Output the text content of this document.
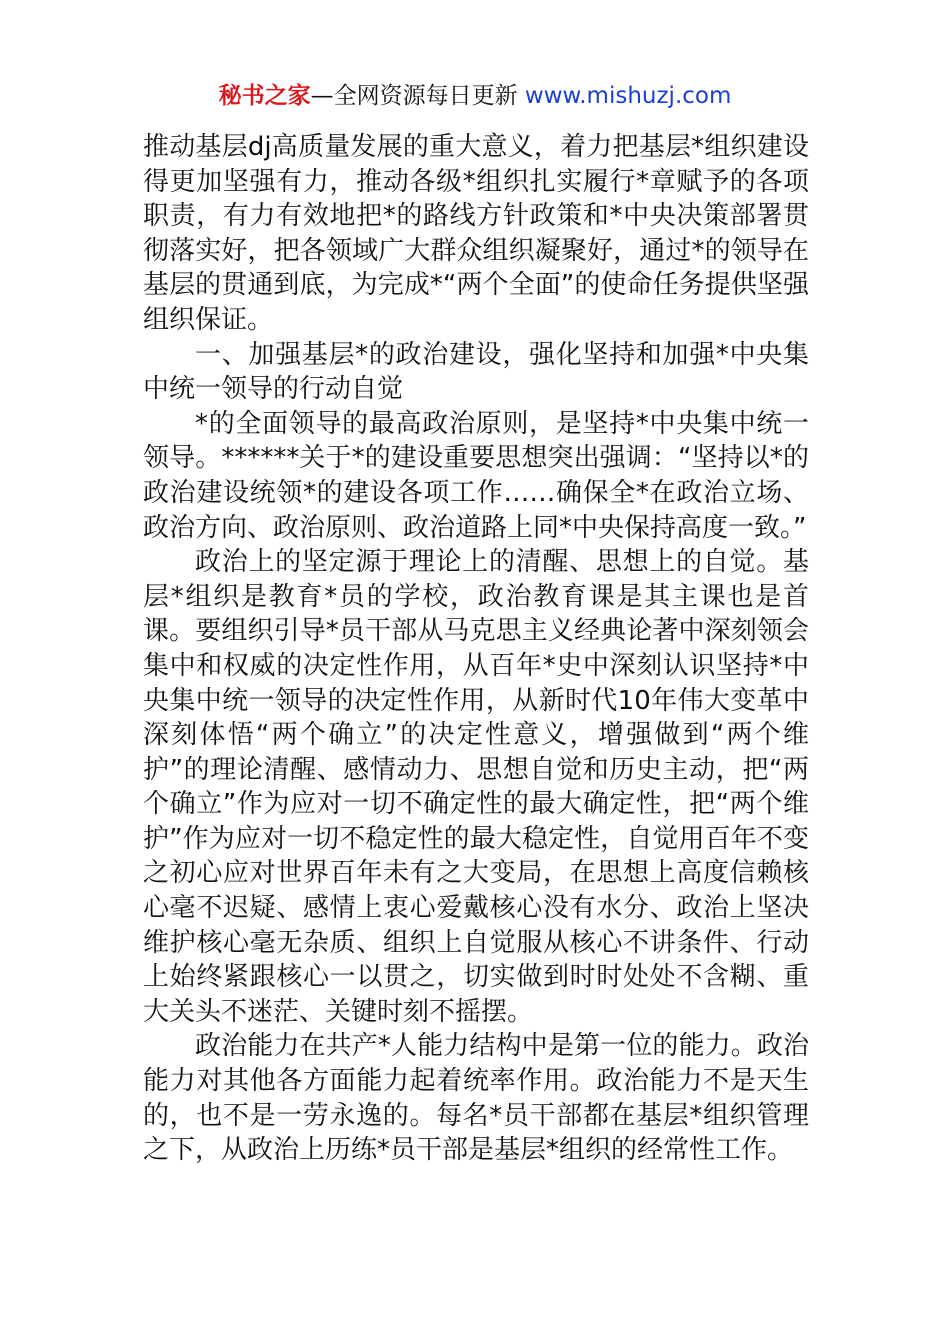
秘书之家—全网资源每日更新 www.mishuzj.com

推动基层dj高质量发展的重大意义，着力把基层*组织建设得更加坚强有力，推动各级*组织扎实履行*章赋予的各项职责，有力有效地把*的路线方针政策和*中央决策部署贯彻落实好，把各领域广大群众组织凝聚好，通过*的领导在基层的贯通到底，为完成*“两个全面”的使命任务提供坚强组织保证。

一、加强基层*的政治建设，强化坚持和加强*中央集中统一领导的行动自觉

*的全面领导的最高政治原则，是坚持*中央集中统一领导。******关于*的建设重要思想突出强调：“坚持以*的政治建设统领*的建设各项工作……确保全*在政治立场、政治方向、政治原则、政治道路上同*中央保持高度一致。”

政治上的坚定源于理论上的清醒、思想上的自觉。基层*组织是教育*员的学校，政治教育课是其主课也是首课。要组织引导*员干部从马克思主义经典论著中深刻领会集中和权威的决定性作用，从百年*史中深刻认识坚持*中央集中统一领导的决定性作用，从新时代10年伟大变革中深刻体悟“两个确立”的决定性意义，增强做到“两个维护”的理论清醒、感情动力、思想自觉和历史主动，把“两个确立”作为应对一切不确定性的最大确定性，把“两个维护”作为应对一切不稳定性的最大稳定性，自觉用百年不变之初心应对世界百年未有之大变局，在思想上高度信赖核心毫不迟疑、感情上衷心爱戴核心没有水分、政治上坚决维护核心毫无杂质、组织上自觉服从核心不讲条件、行动上始终紧跟核心一以贯之，切实做到时时处处不含糊、重大关头不迷茫、关键时刻不摇摆。

政治能力在共产*人能力结构中是第一位的能力。政治能力对其他各方面能力起着统率作用。政治能力不是天生的，也不是一劳永逸的。每名*员干部都在基层*组织管理之下，从政治上历练*员干部是基层*组织的经常性工作。
